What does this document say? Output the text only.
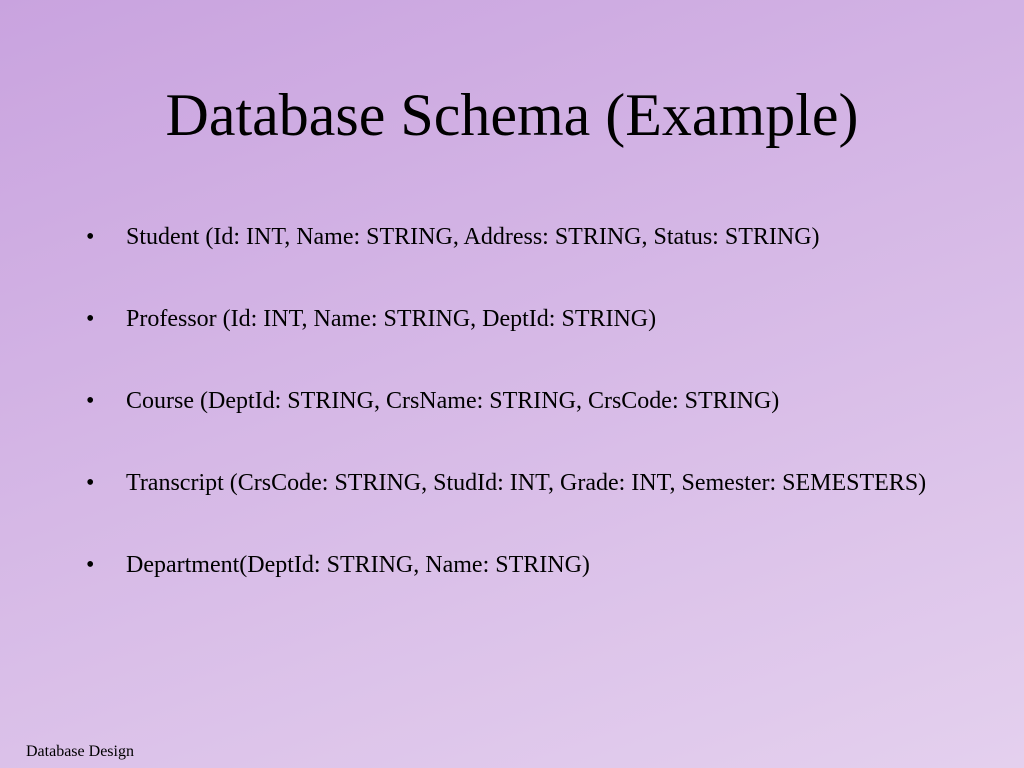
Database Schema (Example)
• Student (Id: INT, Name: STRING, Address: STRING, Status: STRING)
• Professor (Id: INT, Name: STRING, DeptId: STRING)
• Course (DeptId: STRING, CrsName: STRING, CrsCode: STRING)
• Transcript (CrsCode: STRING, StudId: INT, Grade: INT, Semester: SEMESTERS)
• Department(DeptId: STRING, Name: STRING)
Database Design
